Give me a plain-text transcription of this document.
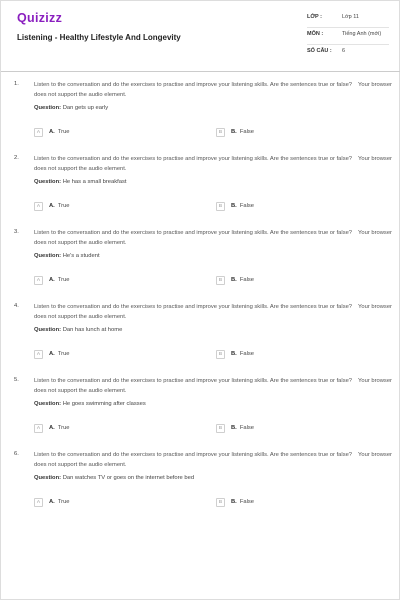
Quizizz
Listening - Healthy Lifestyle And Longevity
LỚP :	Lớp 11
MÔN :	Tiếng Anh (mới)
SỐ CÂU :	6
1.	Listen to the conversation and do the exercises to practise and improve your listening skills. Are the sentences true or false? Your browser does not support the audio element.
Question: Dan gets up early
A	A. True	B	B. False
2.	Listen to the conversation and do the exercises to practise and improve your listening skills. Are the sentences true or false? Your browser does not support the audio element.
Question: He has a small breakfast
A	A. True	B	B. False
3.	Listen to the conversation and do the exercises to practise and improve your listening skills. Are the sentences true or false? Your browser does not support the audio element.
Question: He's a student
A	A. True	B	B. False
4.	Listen to the conversation and do the exercises to practise and improve your listening skills. Are the sentences true or false? Your browser does not support the audio element.
Question: Dan has lunch at home
A	A. True	B	B. False
5.	Listen to the conversation and do the exercises to practise and improve your listening skills. Are the sentences true or false? Your browser does not support the audio element.
Question: He goes swimming after classes
A	A. True	B	B. False
6.	Listen to the conversation and do the exercises to practise and improve your listening skills. Are the sentences true or false? Your browser does not support the audio element.
Question: Dan watches TV or goes on the internet before bed
A	A. True	B	B. False
